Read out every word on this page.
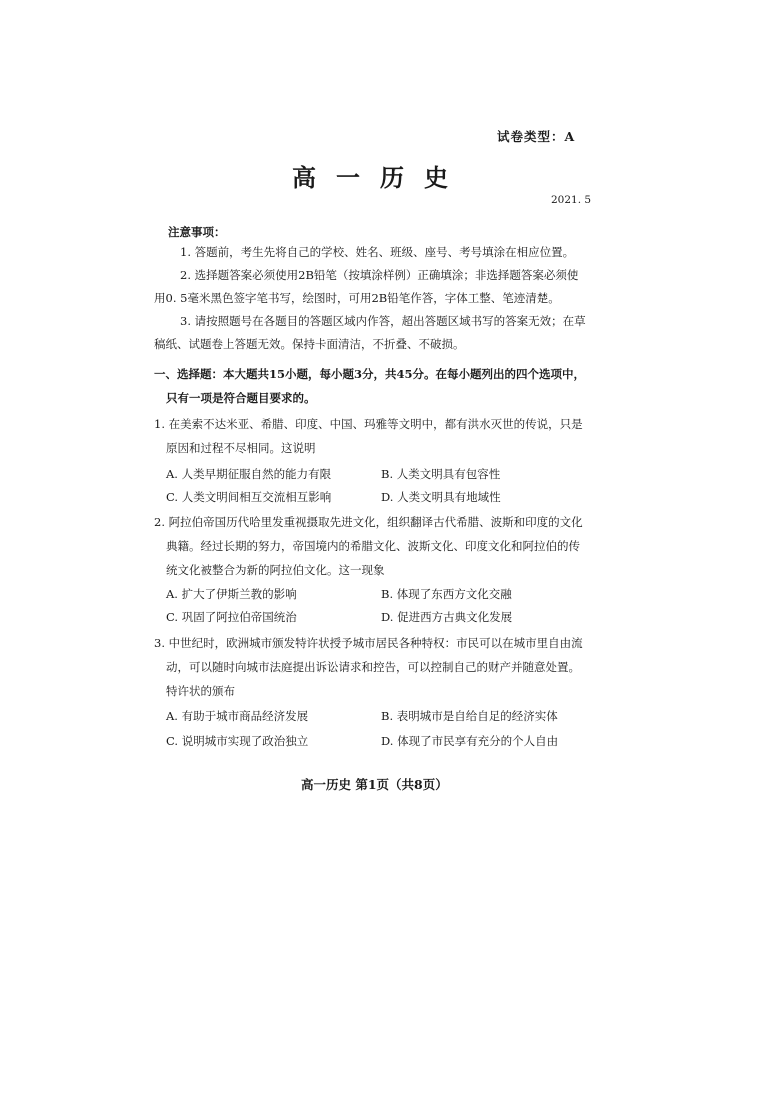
试卷类型：A
高一历史
2021. 5
注意事项：
1. 答题前，考生先将自己的学校、姓名、班级、座号、考号填涂在相应位置。
2. 选择题答案必须使用2B铅笔（按填涂样例）正确填涂；非选择题答案必须使
用0. 5毫米黑色签字笔书写，绘图时，可用2B铅笔作答，字体工整、笔迹清楚。
3. 请按照题号在各题目的答题区域内作答，超出答题区域书写的答案无效；在草
稿纸、试题卷上答题无效。保持卡面清洁，不折叠、不破损。
一、选择题：本大题共15小题，每小题3分，共45分。在每小题列出的四个选项中，
只有一项是符合题目要求的。
1. 在美索不达米亚、希腊、印度、中国、玛雅等文明中，都有洪水灭世的传说，只是
原因和过程不尽相同。这说明
A. 人类早期征服自然的能力有限	B. 人类文明具有包容性
C. 人类文明间相互交流相互影响	D. 人类文明具有地域性
2. 阿拉伯帝国历代哈里发重视摄取先进文化，组织翻译古代希腊、波斯和印度的文化
典籍。经过长期的努力，帝国境内的希腊文化、波斯文化、印度文化和阿拉伯的传
统文化被整合为新的阿拉伯文化。这一现象
A. 扩大了伊斯兰教的影响	B. 体现了东西方文化交融
C. 巩固了阿拉伯帝国统治	D. 促进西方古典文化发展
3. 中世纪时，欧洲城市颁发特许状授予城市居民各种特权：市民可以在城市里自由流
动，可以随时向城市法庭提出诉讼请求和控告，可以控制自己的财产并随意处置。
特许状的颁布
A. 有助于城市商品经济发展	B. 表明城市是自给自足的经济实体
C. 说明城市实现了政治独立	D. 体现了市民享有充分的个人自由
高一历史 第1页（共8页）
